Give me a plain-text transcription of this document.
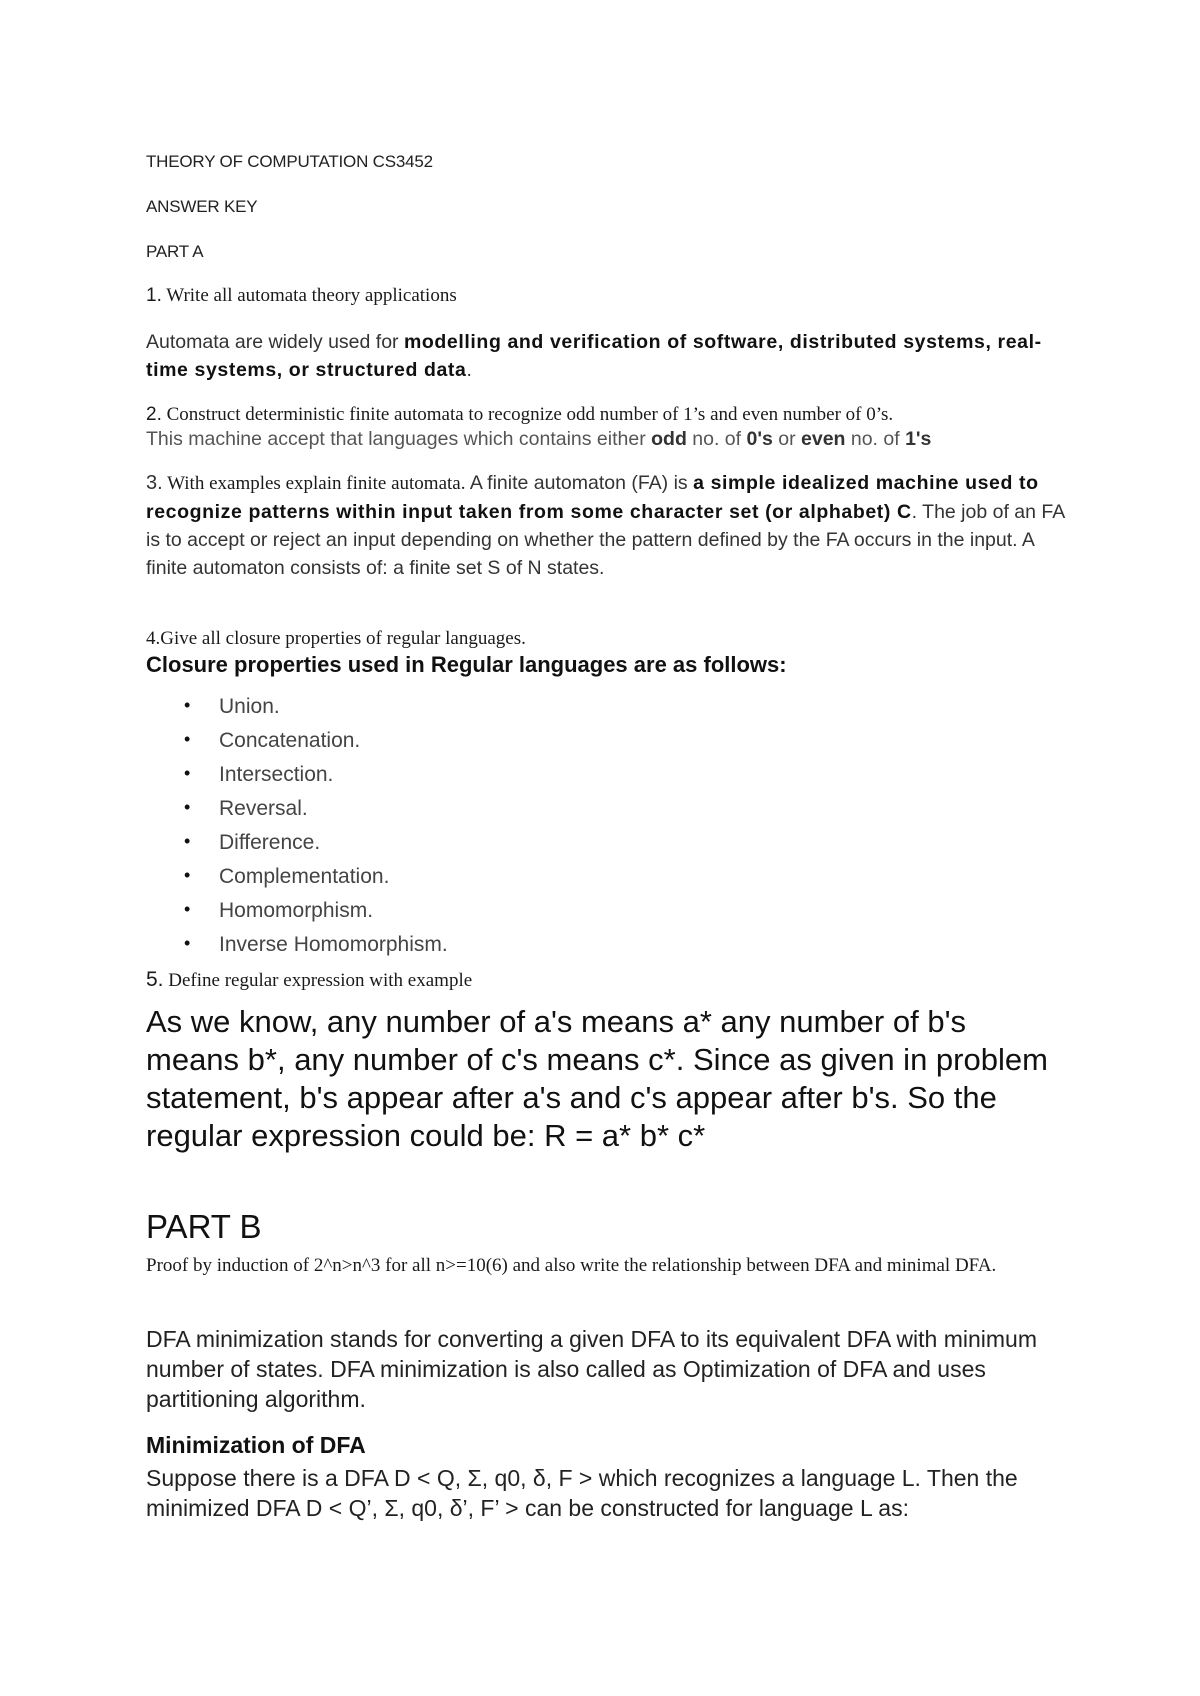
THEORY OF COMPUTATION CS3452
ANSWER KEY
PART A
1. Write all automata theory applications
Automata are widely used for modelling and verification of software, distributed systems, real-time systems, or structured data.
2. Construct deterministic finite automata to recognize odd number of 1’s and even number of 0’s.
This machine accept that languages which contains either odd no. of 0's or even no. of 1's
3. With examples explain finite automata. A finite automaton (FA) is a simple idealized machine used to recognize patterns within input taken from some character set (or alphabet) C. The job of an FA is to accept or reject an input depending on whether the pattern defined by the FA occurs in the input. A finite automaton consists of: a finite set S of N states.
4.Give all closure properties of regular languages.
Closure properties used in Regular languages are as follows:
• Union.
• Concatenation.
• Intersection.
• Reversal.
• Difference.
• Complementation.
• Homomorphism.
• Inverse Homomorphism.
5. Define regular expression with example
As we know, any number of a's means a* any number of b's means b*, any number of c's means c*. Since as given in problem statement, b's appear after a's and c's appear after b's. So the regular expression could be: R = a* b* c*
PART B
Proof by induction of 2^n>n^3 for all n>=10(6) and also write the relationship between DFA and minimal DFA.
DFA minimization stands for converting a given DFA to its equivalent DFA with minimum number of states. DFA minimization is also called as Optimization of DFA and uses partitioning algorithm.
Minimization of DFA
Suppose there is a DFA D < Q, Σ, q0, δ, F > which recognizes a language L. Then the minimized DFA D < Q’, Σ, q0, δ’, F’ > can be constructed for language L as:
